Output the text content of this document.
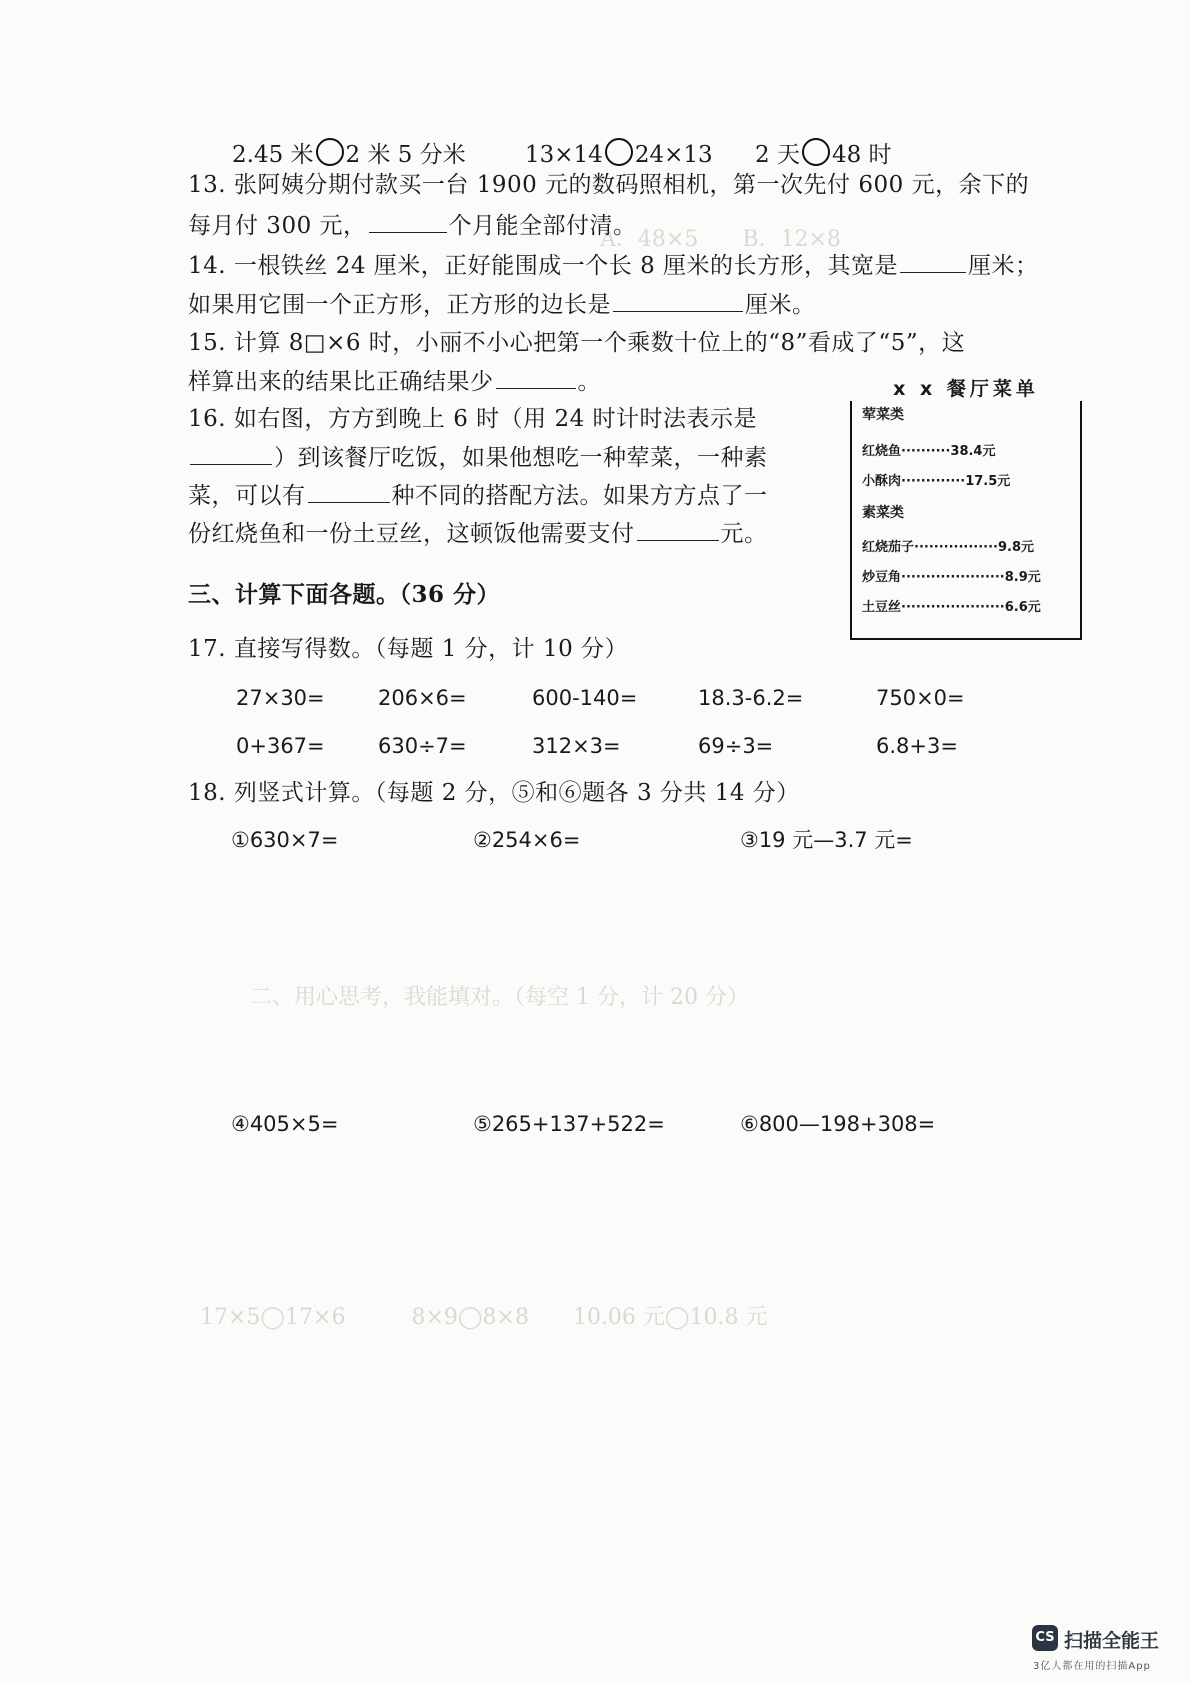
A．48×5　　B．12×8
二、用心思考，我能填对。（每空 1 分，计 20 分）
17×5◯17×6　　　8×9◯8×8　　10.06 元◯10.8 元
2.45 米 2 米 5 分米	13×14 24×13 2 天 48 时
13. 张阿姨分期付款买一台 1900 元的数码照相机，第一次先付 600 元，余下的
每月付 300 元，	个月能全部付清。
14. 一根铁丝 24 厘米，正好能围成一个长 8 厘米的长方形，其宽是	厘米；
如果用它围一个正方形，正方形的边长是	厘米。
15. 计算 8□×6 时，小丽不小心把第一个乘数十位上的“8”看成了“5”，这
样算出来的结果比正确结果少	。
16. 如右图，方方到晚上 6 时（用 24 时计时法表示是
）到该餐厅吃饭，如果他想吃一种荤菜，一种素
菜，可以有	种不同的搭配方法。如果方方点了一
份红烧鱼和一份土豆丝，这顿饭他需要支付	元。
荤菜类
红烧鱼··········38.4元
小酥肉·············17.5元
素菜类
红烧茄子·················9.8元
炒豆角·····················8.9元
土豆丝·····················6.6元
x x 餐厅菜单
三、计算下面各题。（36 分）
17. 直接写得数。（每题 1 分，计 10 分）
27×30=	206×6=	600-140=	18.3-6.2=	750×0=
0+367=	630÷7=	312×3=	69÷3=	6.8+3=
18. 列竖式计算。（每题 2 分，⑤和⑥题各 3 分共 14 分）
①630×7=	②254×6=	③19 元—3.7 元=
④405×5=	⑤265+137+522=	⑥800—198+308=
CS 扫描全能王
3亿人都在用的扫描App
